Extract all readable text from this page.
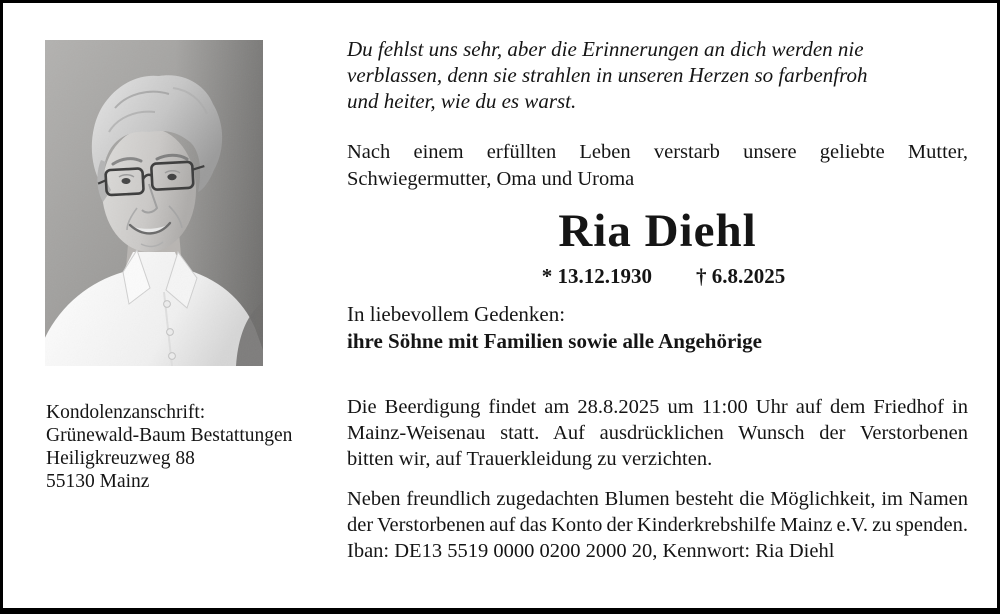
Kondolenzanschrift:
Grünewald-Baum Bestattungen
Heiligkreuzweg 88
55130 Mainz
Du fehlst uns sehr, aber die Erinnerungen an dich werden nie
verblassen, denn sie strahlen in unseren Herzen so farbenfroh
und heiter, wie du es warst.
Nach einem erfüllten Leben verstarb unsere geliebte Mutter,
Schwiegermutter, Oma und Uroma
Ria Diehl
* 13.12.1930 † 6.8.2025
In liebevollem Gedenken:
ihre Söhne mit Familien sowie alle Angehörige
Die Beerdigung findet am 28.8.2025 um 11:00 Uhr auf dem Friedhof in
Mainz-Weisenau statt. Auf ausdrücklichen Wunsch der Verstorbenen
bitten wir, auf Trauerkleidung zu verzichten.
Neben freundlich zugedachten Blumen besteht die Möglichkeit, im Namen
der Verstorbenen auf das Konto der Kinderkrebshilfe Mainz e.V. zu spenden.
Iban: DE13 5519 0000 0200 2000 20, Kennwort: Ria Diehl
